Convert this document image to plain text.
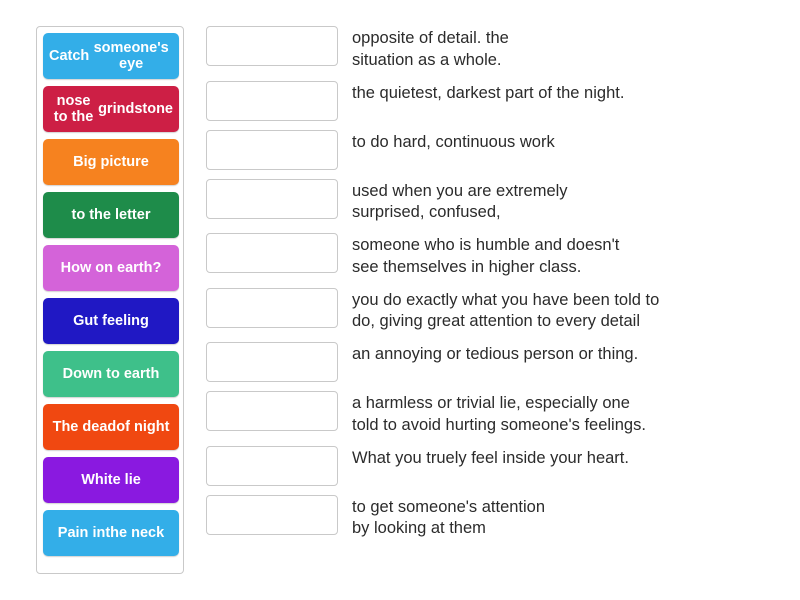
Catch
someone's eye
nose to the
grindstone
Big picture
to the letter
How on earth?
Gut feeling
Down to earth
The dead of night
White lie
Pain in the neck
opposite of detail. the
situation as a whole.
the quietest, darkest part of the night.
to do hard, continuous work
used when you are extremely
surprised, confused,
someone who is humble and doesn't
see themselves in higher class.
you do exactly what you have been told to
do, giving great attention to every detail
an annoying or tedious person or thing.
a harmless or trivial lie, especially one
told to avoid hurting someone's feelings.
What you truely feel inside your heart.
to get someone's attention
by looking at them
